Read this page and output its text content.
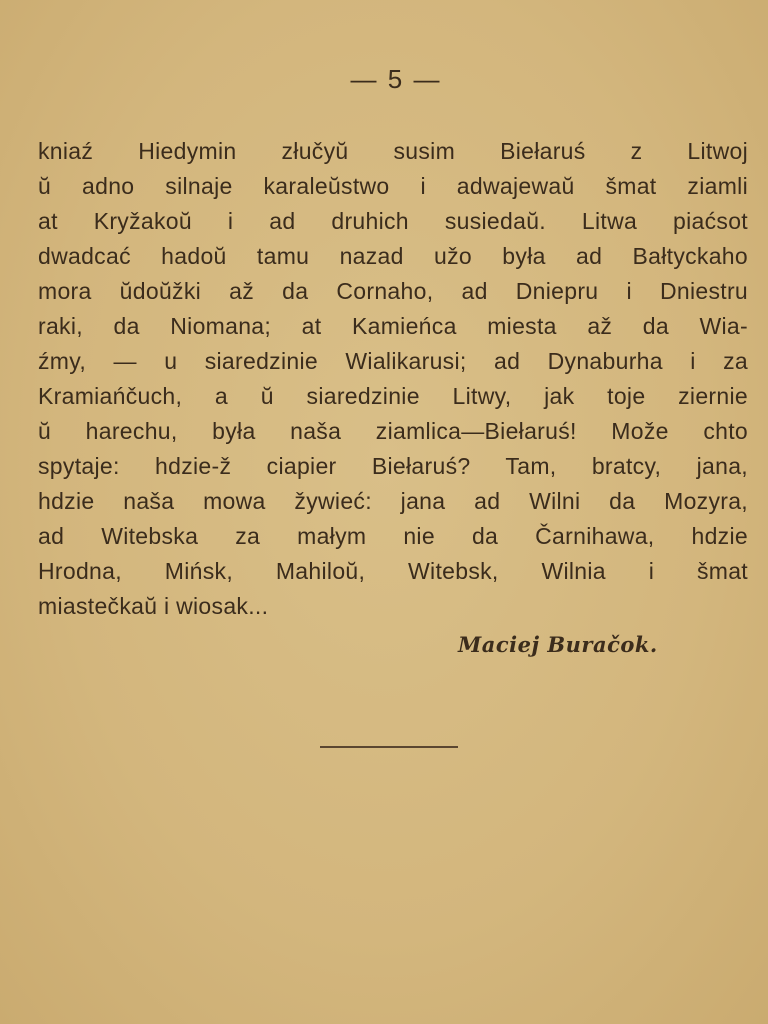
— 5 —
kniaź Hiedymin złučyŭ susim Biełaruś z Litwoj
ŭ adno silnaje karaleŭstwo i adwajewaŭ šmat ziamli
at Kryžakoŭ i ad druhich susiedaŭ. Litwa piaćsot
dwadcać hadoŭ tamu nazad užo była ad Bałtyckaho
mora ŭdoŭžki až da Cornaho, ad Dniepru i Dniestru
raki, da Niomana; at Kamieńca miesta až da Wia-
źmy, — u siaredzinie Wialikarusi; ad Dynaburha i za
Kramiańčuch, a ŭ siaredzinie Litwy, jak toje ziernie
ŭ harechu, była naša ziamlica—Biełaruś! Može chto
spytaje: hdzie-ž ciapier Biełaruś? Tam, bratcy, jana,
hdzie naša mowa žywieć: jana ad Wilni da Mozyra,
ad Witebska za małym nie da Čarnihawa, hdzie
Hrodna, Mińsk, Mahiloŭ, Witebsk, Wilnia i šmat
miastečkaŭ i wiosak...
Maciej Buračok.
